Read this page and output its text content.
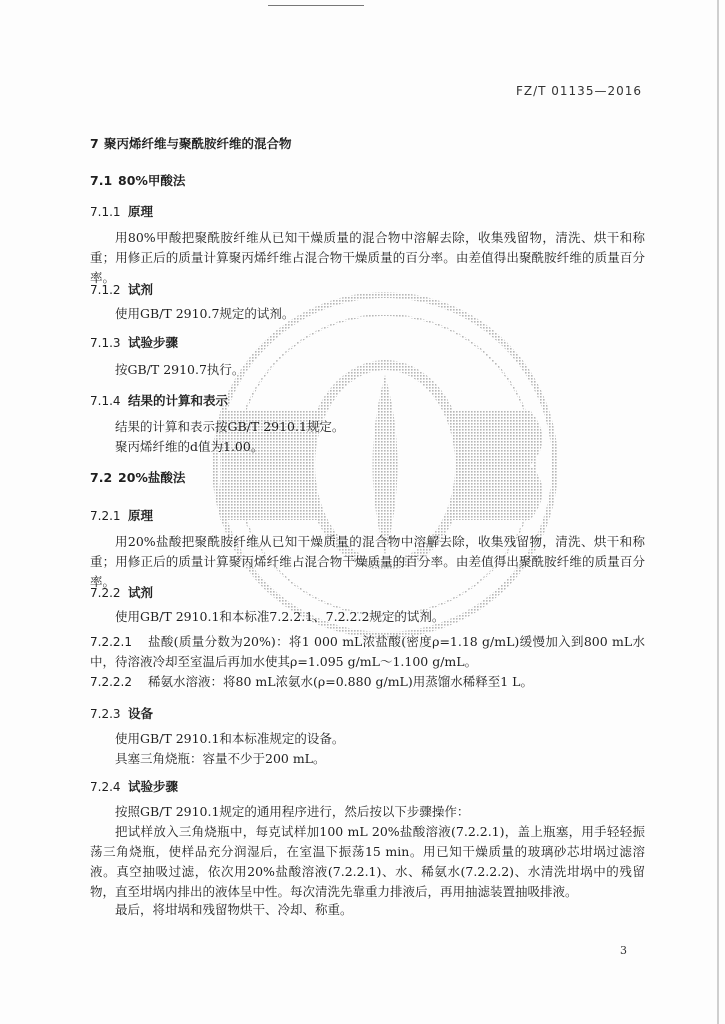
FZ/T 01135—2016
7 聚丙烯纤维与聚酰胺纤维的混合物
7.1 80%甲酸法
7.1.1 原理
用80%甲酸把聚酰胺纤维从已知干燥质量的混合物中溶解去除，收集残留物，清洗、烘干和称重；用修正后的质量计算聚丙烯纤维占混合物干燥质量的百分率。由差值得出聚酰胺纤维的质量百分率。
7.1.2 试剂
使用GB/T 2910.7规定的试剂。
7.1.3 试验步骤
按GB/T 2910.7执行。
7.1.4 结果的计算和表示
结果的计算和表示按GB/T 2910.1规定。
聚丙烯纤维的d值为1.00。
7.2 20%盐酸法
7.2.1 原理
用20%盐酸把聚酰胺纤维从已知干燥质量的混合物中溶解去除，收集残留物，清洗、烘干和称重；用修正后的质量计算聚丙烯纤维占混合物干燥质量的百分率。由差值得出聚酰胺纤维的质量百分率。
7.2.2 试剂
使用GB/T 2910.1和本标准7.2.2.1、7.2.2.2规定的试剂。
7.2.2.1	盐酸(质量分数为20%)：将1 000 mL浓盐酸(密度ρ=1.18 g/mL)缓慢加入到800 mL水中，待溶液冷却至室温后再加水使其ρ=1.095 g/mL～1.100 g/mL。
7.2.2.2 稀氨水溶液：将80 mL浓氨水(ρ=0.880 g/mL)用蒸馏水稀释至1 L。
7.2.3 设备
使用GB/T 2910.1和本标准规定的设备。
具塞三角烧瓶：容量不少于200 mL。
7.2.4 试验步骤
按照GB/T 2910.1规定的通用程序进行，然后按以下步骤操作：
把试样放入三角烧瓶中，每克试样加100 mL 20%盐酸溶液(7.2.2.1)，盖上瓶塞，用手轻轻振荡三角烧瓶，使样品充分润湿后，在室温下振荡15 min。用已知干燥质量的玻璃砂芯坩埚过滤溶液。真空抽吸过滤，依次用20%盐酸溶液(7.2.2.1)、水、稀氨水(7.2.2.2)、水清洗坩埚中的残留物，直至坩埚内排出的液体呈中性。每次清洗先靠重力排液后，再用抽滤装置抽吸排液。
最后，将坩埚和残留物烘干、冷却、称重。
3
